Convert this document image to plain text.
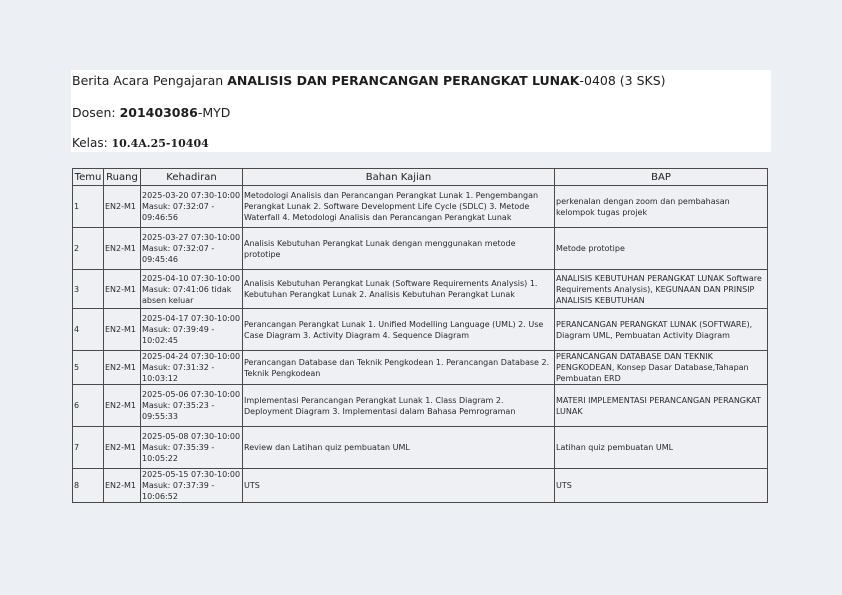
Berita Acara Pengajaran ANALISIS DAN PERANCANGAN PERANGKAT LUNAK-0408 (3 SKS)
Dosen: 201403086-MYD
Kelas: 10.4A.25-10404
Temu	Ruang	Kehadiran	Bahan Kajian	BAP
1	EN2-M1	2025-03-20 07:30-10:00 Masuk: 07:32:07 - 09:46:56	Metodologi Analisis dan Perancangan Perangkat Lunak 1. Pengembangan Perangkat Lunak 2. Software Development Life Cycle (SDLC) 3. Metode Waterfall 4. Metodologi Analisis dan Perancangan Perangkat Lunak	perkenalan dengan zoom dan pembahasan kelompok tugas projek
2	EN2-M1	2025-03-27 07:30-10:00 Masuk: 07:32:07 - 09:45:46	Analisis Kebutuhan Perangkat Lunak dengan menggunakan metode prototipe	Metode prototipe
3	EN2-M1	2025-04-10 07:30-10:00 Masuk: 07:41:06 tidak absen keluar	Analisis Kebutuhan Perangkat Lunak (Software Requirements Analysis) 1. Kebutuhan Perangkat Lunak 2. Analisis Kebutuhan Perangkat Lunak	ANALISIS KEBUTUHAN PERANGKAT LUNAK Software Requirements Analysis), KEGUNAAN DAN PRINSIP ANALISIS KEBUTUHAN
4	EN2-M1	2025-04-17 07:30-10:00 Masuk: 07:39:49 - 10:02:45	Perancangan Perangkat Lunak 1. Unified Modelling Language (UML) 2. Use Case Diagram 3. Activity Diagram 4. Sequence Diagram	PERANCANGAN PERANGKAT LUNAK (SOFTWARE), Diagram UML, Pembuatan Activity Diagram
5	EN2-M1	2025-04-24 07:30-10:00 Masuk: 07:31:32 - 10:03:12	Perancangan Database dan Teknik Pengkodean 1. Perancangan Database 2. Teknik Pengkodean	PERANCANGAN DATABASE DAN TEKNIK PENGKODEAN, Konsep Dasar Database,Tahapan Pembuatan ERD
6	EN2-M1	2025-05-06 07:30-10:00 Masuk: 07:35:23 - 09:55:33	Implementasi Perancangan Perangkat Lunak 1. Class Diagram 2. Deployment Diagram 3. Implementasi dalam Bahasa Pemrograman	MATERI IMPLEMENTASI PERANCANGAN PERANGKAT LUNAK
7	EN2-M1	2025-05-08 07:30-10:00 Masuk: 07:35:39 - 10:05:22	Review dan Latihan quiz pembuatan UML	Latihan quiz pembuatan UML
8	EN2-M1	2025-05-15 07:30-10:00 Masuk: 07:37:39 - 10:06:52	UTS	UTS
